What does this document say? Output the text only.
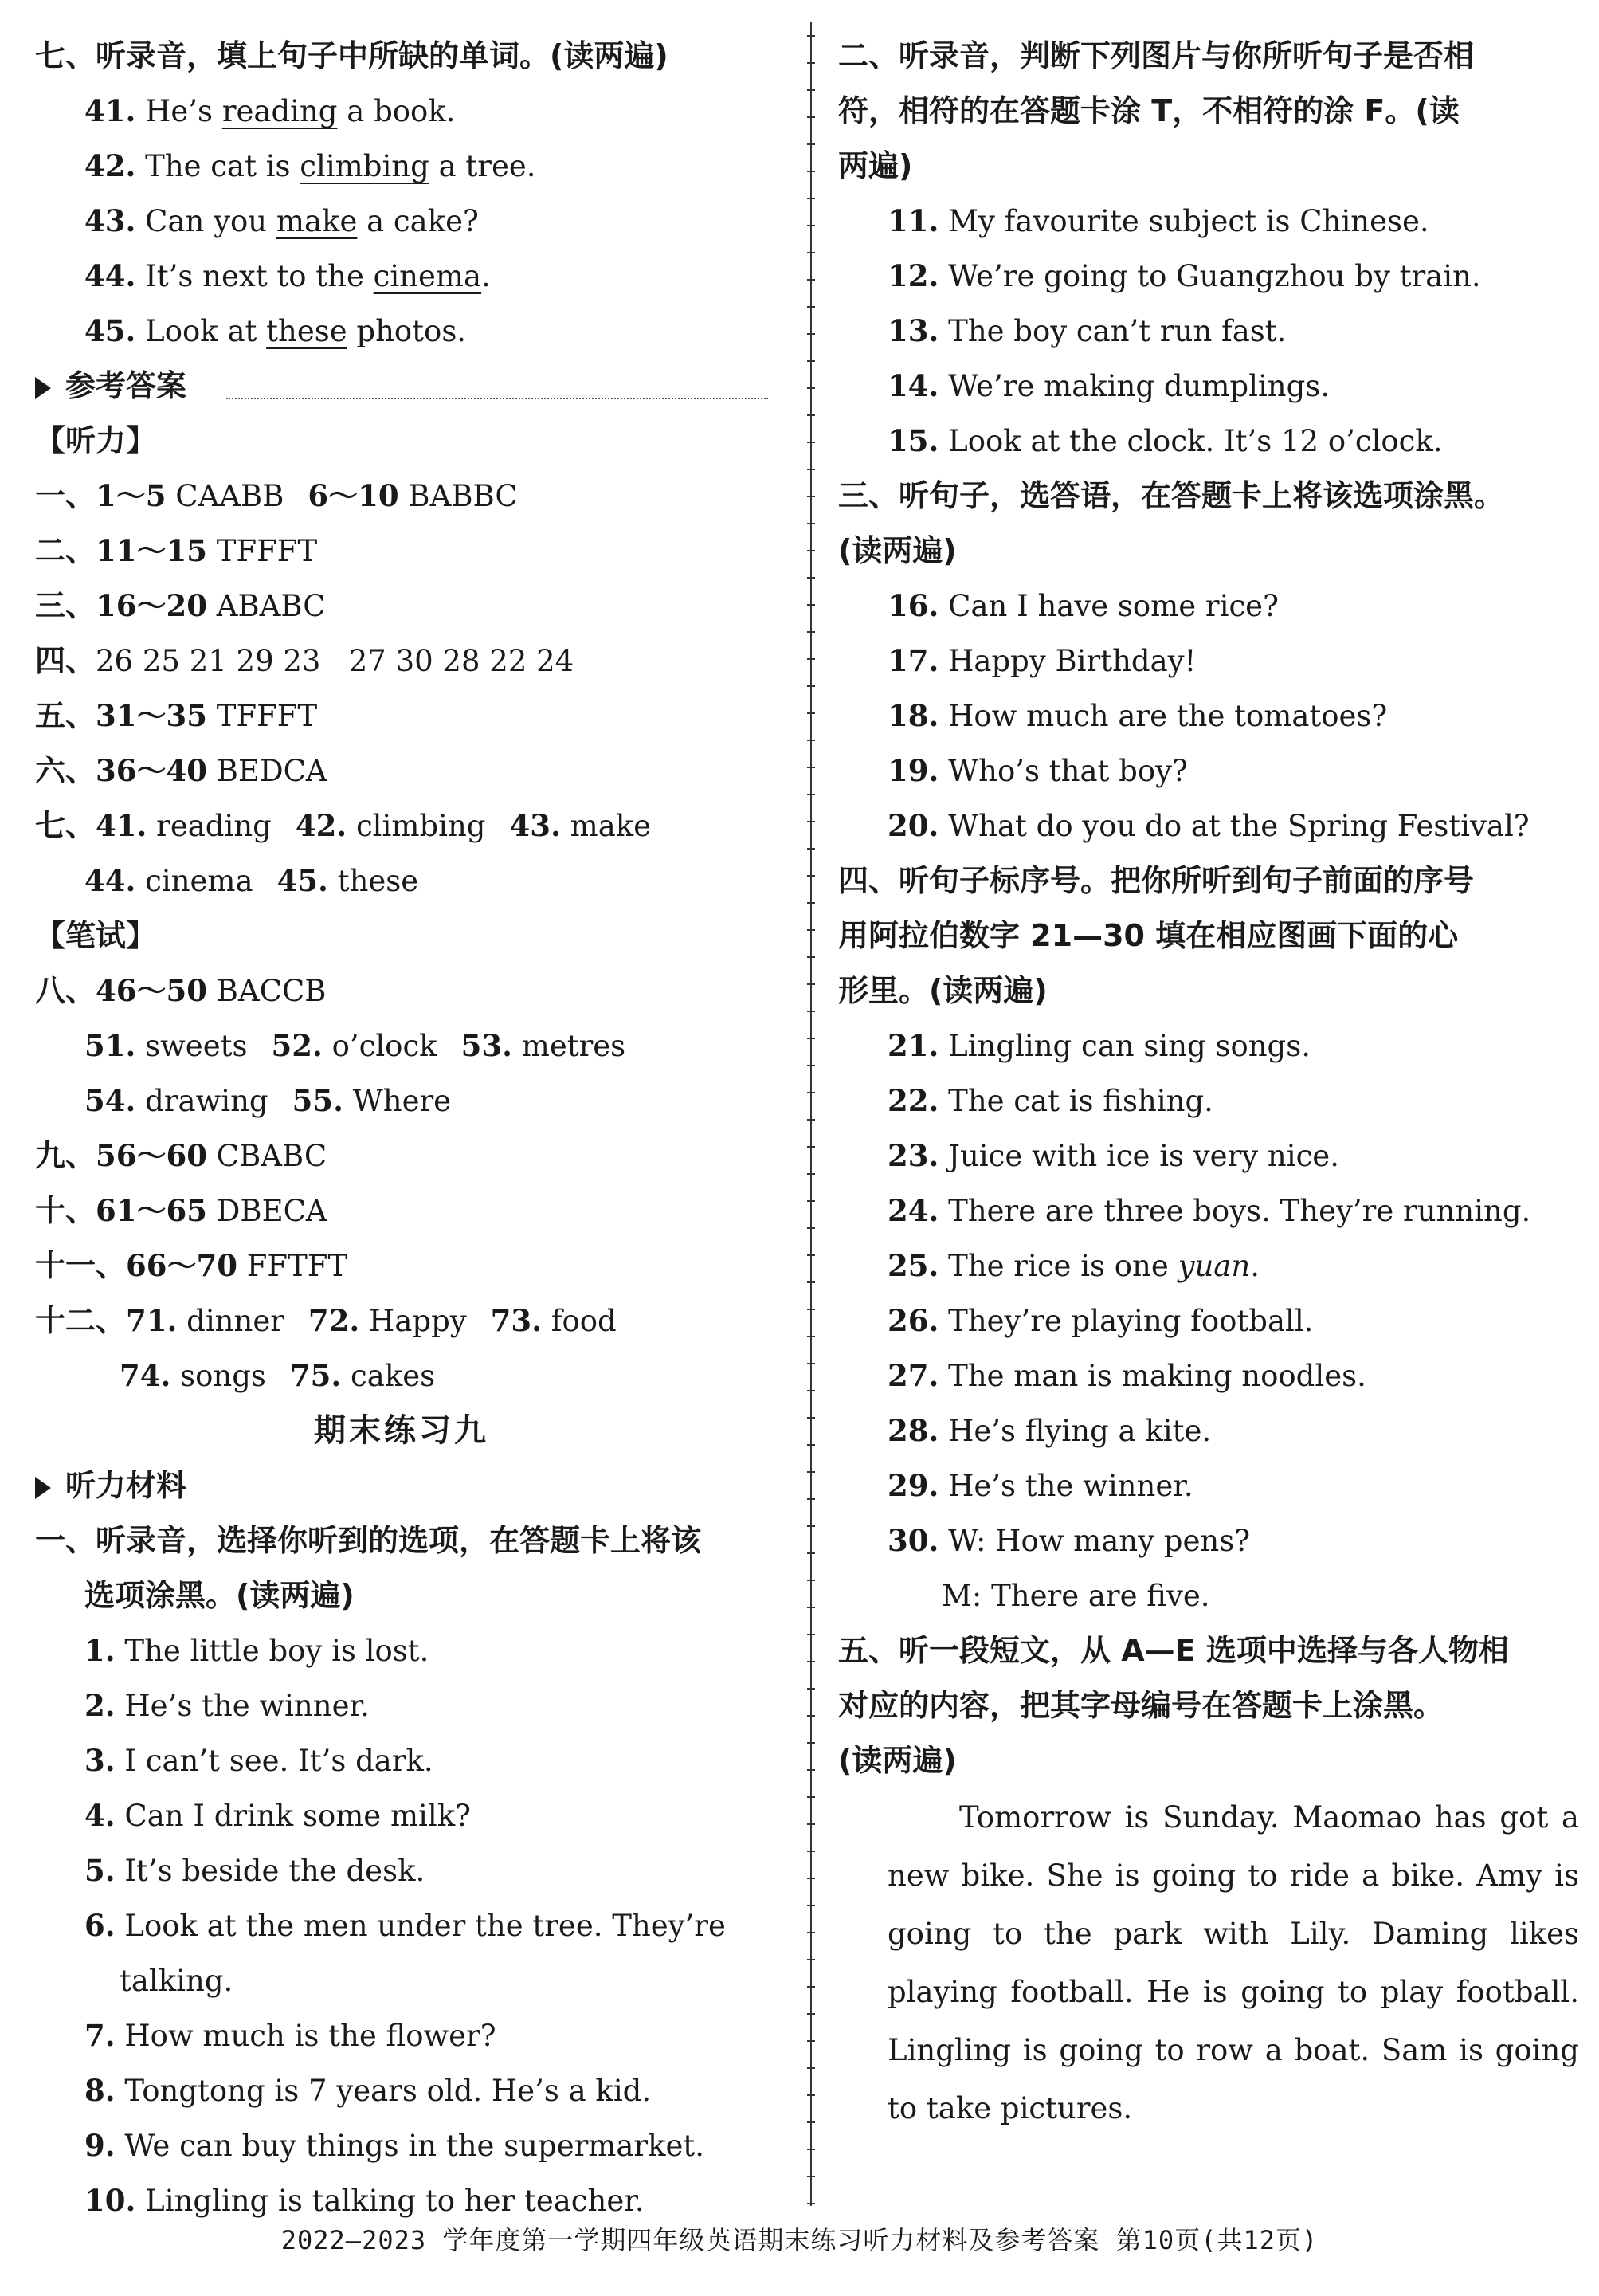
七、听录音，填上句子中所缺的单词。(读两遍)
41. He’s reading a book.
42. The cat is climbing a tree.
43. Can you make a cake?
44. It’s next to the cinema.
45. Look at these photos.
参考答案
【听力】
一、1～5 CAABB 6～10 BABBC
二、11～15 TFFFT
三、16～20 ABABC
四、26 25 21 29 23   27 30 28 22 24
五、31～35 TFFFT
六、36～40 BEDCA
七、41. reading 42. climbing 43. make
44. cinema 45. these
【笔试】
八、46～50 BACCB
51. sweets 52. o’clock 53. metres
54. drawing 55. Where
九、56～60 CBABC
十、61～65 DBECA
十一、66～70 FFTFT
十二、71. dinner 72. Happy 73. food
74. songs 75. cakes
期末练习九
听力材料
一、听录音，选择你听到的选项，在答题卡上将该
选项涂黑。(读两遍)
1. The little boy is lost.
2. He’s the winner.
3. I can’t see. It’s dark.
4. Can I drink some milk?
5. It’s beside the desk.
6. Look at the men under the tree. They’re
talking.
7. How much is the flower?
8. Tongtong is 7 years old. He’s a kid.
9. We can buy things in the supermarket.
10. Lingling is talking to her teacher.
二、听录音，判断下列图片与你所听句子是否相
符，相符的在答题卡涂 T，不相符的涂 F。(读
两遍)
11. My favourite subject is Chinese.
12. We’re going to Guangzhou by train.
13. The boy can’t run fast.
14. We’re making dumplings.
15. Look at the clock. It’s 12 o’clock.
三、听句子，选答语，在答题卡上将该选项涂黑。
(读两遍)
16. Can I have some rice?
17. Happy Birthday!
18. How much are the tomatoes?
19. Who’s that boy?
20. What do you do at the Spring Festival?
四、听句子标序号。把你所听到句子前面的序号
用阿拉伯数字 21—30 填在相应图画下面的心
形里。(读两遍)
21. Lingling can sing songs.
22. The cat is fishing.
23. Juice with ice is very nice.
24. There are three boys. They’re running.
25. The rice is one yuan.
26. They’re playing football.
27. The man is making noodles.
28. He’s flying a kite.
29. He’s the winner.
30. W: How many pens?
M: There are five.
五、听一段短文，从 A—E 选项中选择与各人物相
对应的内容，把其字母编号在答题卡上涂黑。
(读两遍)

Tomorrow is Sunday. Maomao has got a new bike. She is going to ride a bike. Amy is going to the park with Lily. Daming likes playing football. He is going to play football. Lingling is going to row a boat. Sam is going to take pictures.

2022—2023 学年度第一学期四年级英语期末练习听力材料及参考答案 第10页(共12页)
